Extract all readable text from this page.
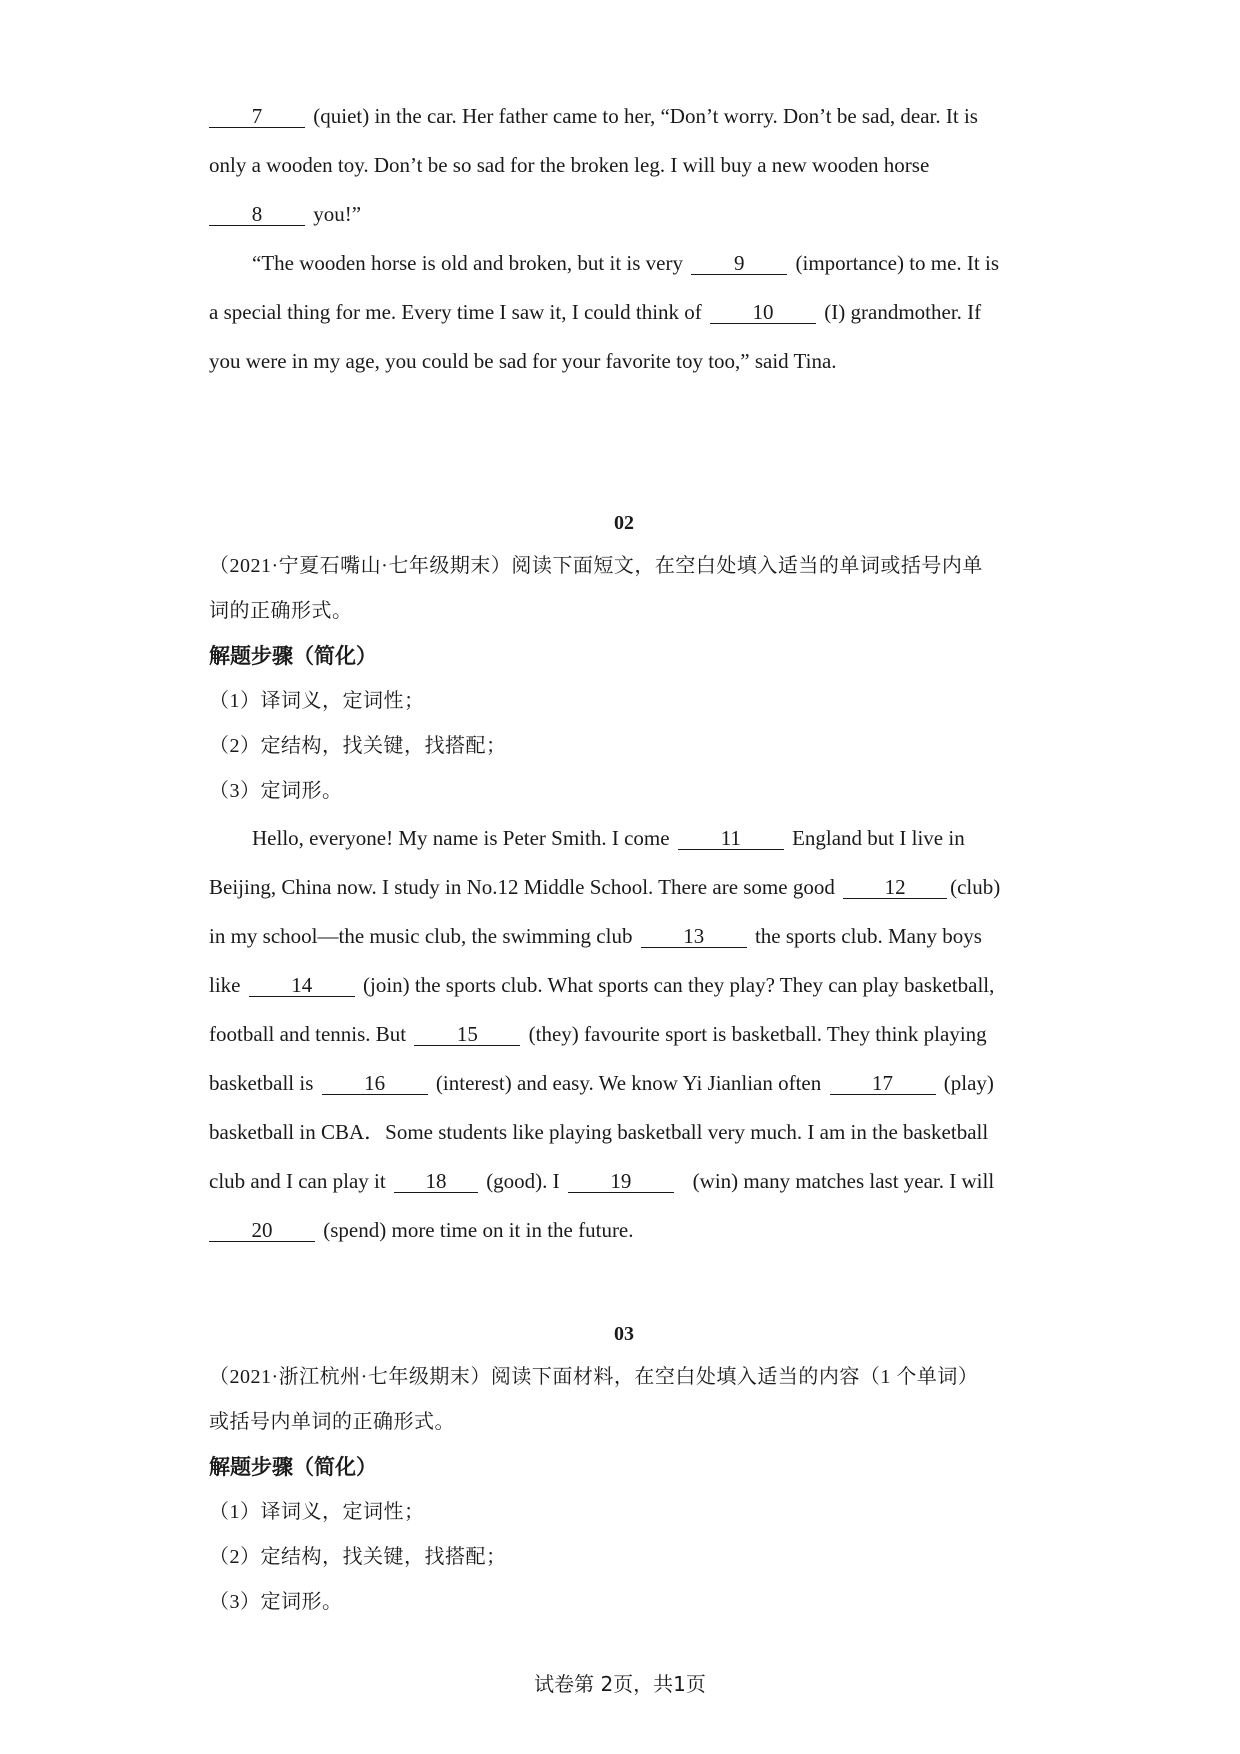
7 (quiet) in the car. Her father came to her, “Don’t worry. Don’t be sad, dear. It is
only a wooden toy. Don’t be so sad for the broken leg. I will buy a new wooden horse
8 you!”
“The wooden horse is old and broken, but it is very 9 (importance) to me. It is
a special thing for me. Every time I saw it, I could think of 10 (I) grandmother. If
you were in my age, you could be sad for your favorite toy too,” said Tina.
02
（2021·宁夏石嘴山·七年级期末）阅读下面短文，在空白处填入适当的单词或括号内单
词的正确形式。
解题步骤（简化）
（1）译词义，定词性；
（2）定结构，找关键，找搭配；
（3）定词形。
Hello, everyone! My name is Peter Smith. I come 11 England but I live in
Beijing, China now. I study in No.12 Middle School. There are some good 12 (club)
in my school—the music club, the swimming club 13 the sports club. Many boys
like 14 (join) the sports club. What sports can they play? They can play basketball,
football and tennis. But 15 (they) favourite sport is basketball. They think playing
basketball is 16 (interest) and easy. We know Yi Jianlian often 17 (play)
basketball in CBA．Some students like playing basketball very much. I am in the basketball
club and I can play it 18 (good). I 19	(win) many matches last year. I will
20 (spend) more time on it in the future.
03
（2021·浙江杭州·七年级期末）阅读下面材料，在空白处填入适当的内容（1 个单词）
或括号内单词的正确形式。
解题步骤（简化）
（1）译词义，定词性；
（2）定结构，找关键，找搭配；
（3）定词形。
试卷第 2页，共1页
